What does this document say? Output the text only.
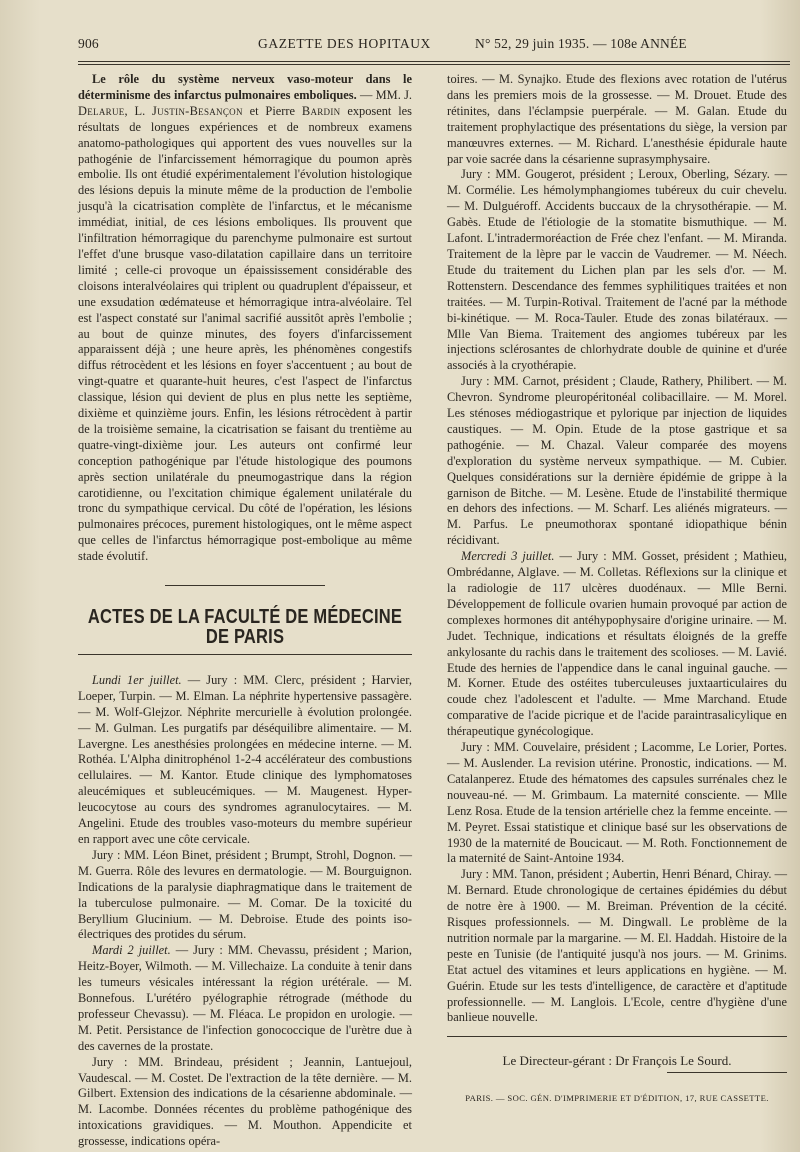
906	GAZETTE DES HOPITAUX	N° 52, 29 juin 1935. — 108e ANNÉE

Le rôle du système nerveux vaso-moteur dans le déterminisme des infarctus pulmonaires emboliques. — MM. J. Delarue, L. Justin-Besançon et Pierre Bardin exposent les résultats de longues expériences et de nombreux examens anatomo-pathologiques qui apportent des vues nouvelles sur la pathogénie de l'infarcissement hémorragique du poumon après embolie. Ils ont étudié expérimentalement l'évolution histologique des lésions depuis la minute même de la production de l'embolie jusqu'à la cicatrisation complète de l'infarctus, et le mécanisme immédiat, initial, de ces lésions emboliques. Ils prouvent que l'infiltration hémorragique du parenchyme pulmonaire est surtout l'effet d'une brusque vaso-dilatation capillaire dans un territoire limité ; celle-ci provoque un épaississement considérable des cloisons interalvéolaires qui triplent ou quadruplent d'épaisseur, et une exsudation œdémateuse et hémorragique intra-alvéolaire. Tel est l'aspect constaté sur l'animal sacrifié aussitôt après l'embolie ; au bout de quinze minutes, des foyers d'infarcissement apparaissent déjà ; une heure après, les phénomènes congestifs diffus rétrocèdent et les lésions en foyer s'accentuent ; au bout de vingt-quatre et quarante-huit heures, c'est l'aspect de l'infarctus classique, lésion qui devient de plus en plus nette les septième, dixième et quinzième jours. Enfin, les lésions rétrocèdent à partir de la troisième semaine, la cicatrisation se faisant du trentième au quatre-vingt-dixième jour. Les auteurs ont confirmé leur conception pathogénique par l'étude histologique des poumons après section unilatérale du pneumogastrique dans la région carotidienne, ou l'excitation chimique également unilatérale du tronc du sympathique cervical. Du côté de l'opération, les lésions pulmonaires précoces, purement histologiques, ont le même aspect que celles de l'infarctus hémorragique post-embolique au même stade évolutif.

ACTES DE LA FACULTÉ DE MÉDECINE DE PARIS

Lundi 1er juillet. — Jury : MM. Clerc, président ; Harvier, Loeper, Turpin. — M. Elman. La néphrite hypertensive passagère. — M. Wolf-Glejzor. Néphrite mercurielle à évolution prolongée. — M. Gulman. Les purgatifs par déséquilibre alimentaire. — M. Lavergne. Les anesthésies prolongées en médecine interne. — M. Rothéa. L'Alpha dinitrophénol 1-2-4 accélérateur des combustions cellulaires. — M. Kantor. Etude clinique des lymphomatoses aleucémiques et subleucémiques. — M. Maugenest. Hyper-leucocytose au cours des syndromes agranulocytaires. — M. Angelini. Etude des troubles vaso-moteurs du membre supérieur en rapport avec une côte cervicale.

Jury : MM. Léon Binet, président ; Brumpt, Strohl, Dognon. — M. Guerra. Rôle des levures en dermatologie. — M. Bourguignon. Indications de la paralysie diaphragmatique dans le traitement de la tuberculose pulmonaire. — M. Comar. De la toxicité du Beryllium Glucinium. — M. Debroise. Etude des points iso-électriques des protides du sérum.

Mardi 2 juillet. — Jury : MM. Chevassu, président ; Marion, Heitz-Boyer, Wilmoth. — M. Villechaize. La conduite à tenir dans les tumeurs vésicales intéressant la région urétérale. — M. Bonnefous. L'urétéro pyélographie rétrograde (méthode du professeur Chevassu). — M. Fléaca. Le propidon en urologie. — M. Petit. Persistance de l'infection gonococcique de l'urètre due à des cavernes de la prostate.

Jury : MM. Brindeau, président ; Jeannin, Lantuejoul, Vaudescal. — M. Costet. De l'extraction de la tête dernière. — M. Gilbert. Extension des indications de la césarienne abdominale. — M. Lacombe. Données récentes du problème pathogénique des intoxications gravidiques. — M. Mouthon. Appendicite et grossesse, indications opéra-

toires. — M. Synajko. Etude des flexions avec rotation de l'utérus dans les premiers mois de la grossesse. — M. Drouet. Etude des rétinites, dans l'éclampsie puerpérale. — M. Galan. Etude du traitement prophylactique des présentations du siège, la version par manœuvres externes. — M. Richard. L'anesthésie épidurale haute par voie sacrée dans la césarienne suprasymphysaire.

Jury : MM. Gougerot, président ; Leroux, Oberling, Sézary. — M. Cormélie. Les hémolymphangiomes tubéreux du cuir chevelu. — M. Dulguéroff. Accidents buccaux de la chrysothérapie. — M. Gabès. Etude de l'étiologie de la stomatite bismuthique. — M. Lafont. L'intradermoréaction de Frée chez l'enfant. — M. Miranda. Traitement de la lèpre par le vaccin de Vaudremer. — M. Néech. Etude du traitement du Lichen plan par les sels d'or. — M. Rottenstern. Descendance des femmes syphilitiques traitées et non traitées. — M. Turpin-Rotival. Traitement de l'acné par la méthode bi-kinétique. — M. Roca-Tauler. Etude des zonas bilatéraux. — Mlle Van Biema. Traitement des angiomes tubéreux par les injections sclérosantes de chlorhydrate double de quinine et d'urée associés à la cryothérapie.

Jury : MM. Carnot, président ; Claude, Rathery, Philibert. — M. Chevron. Syndrome pleuropéritonéal colibacillaire. — M. Morel. Les sténoses médiogastrique et pylorique par injection de liquides caustiques. — M. Opin. Etude de la ptose gastrique et sa pathogénie. — M. Chazal. Valeur comparée des moyens d'exploration du système nerveux sympathique. — M. Cubier. Quelques considérations sur la dernière épidémie de grippe à la garnison de Bitche. — M. Lesène. Etude de l'instabilité thermique en dehors des infections. — M. Scharf. Les aliénés migrateurs. — M. Parfus. Le pneumothorax spontané idiopathique bénin récidivant.

Mercredi 3 juillet. — Jury : MM. Gosset, président ; Mathieu, Ombrédanne, Alglave. — M. Colletas. Réflexions sur la clinique et la radiologie de 117 ulcères duodénaux. — Mlle Berni. Développement de follicule ovarien humain provoqué par action de complexes hormones dit antéhypophysaire d'origine urinaire. — M. Judet. Technique, indications et résultats éloignés de la greffe ankylosante du rachis dans le traitement des scolioses. — M. Lavié. Etude des hernies de l'appendice dans le canal inguinal gauche. — M. Korner. Etude des ostéites tuberculeuses juxtaarticulaires du coude chez l'adolescent et l'adulte. — Mme Marchand. Etude comparative de l'acide picrique et de l'acide paraintrasalicylique en thérapeutique gynécologique.

Jury : MM. Couvelaire, président ; Lacomme, Le Lorier, Portes. — M. Auslender. La revision utérine. Pronostic, indications. — M. Catalanperez. Etude des hématomes des capsules surrénales chez le nouveau-né. — M. Grimbaum. La maternité consciente. — Mlle Lenz Rosa. Etude de la tension artérielle chez la femme enceinte. — M. Peyret. Essai statistique et clinique basé sur les observations de 1930 de la maternité de Boucicaut. — M. Roth. Fonctionnement de la maternité de Saint-Antoine 1934.

Jury : MM. Tanon, président ; Aubertin, Henri Bénard, Chiray. — M. Bernard. Etude chronologique de certaines épidémies du début de notre ère à 1900. — M. Breiman. Prévention de la cécité. Risques professionnels. — M. Dingwall. Le problème de la nutrition normale par la margarine. — M. El. Haddah. Histoire de la peste en Tunisie (de l'antiquité jusqu'à nos jours. — M. Grinims. Etat actuel des vitamines et leurs applications en hygiène. — M. Guérin. Etude sur les tests d'intelligence, de caractère et d'aptitude professionnelle. — M. Langlois. L'Ecole, centre d'hygiène d'une banlieue nouvelle.

Le Directeur-gérant : Dr François Le Sourd.
PARIS. — SOC. GÉN. D'IMPRIMERIE ET D'ÉDITION, 17, RUE CASSETTE.
